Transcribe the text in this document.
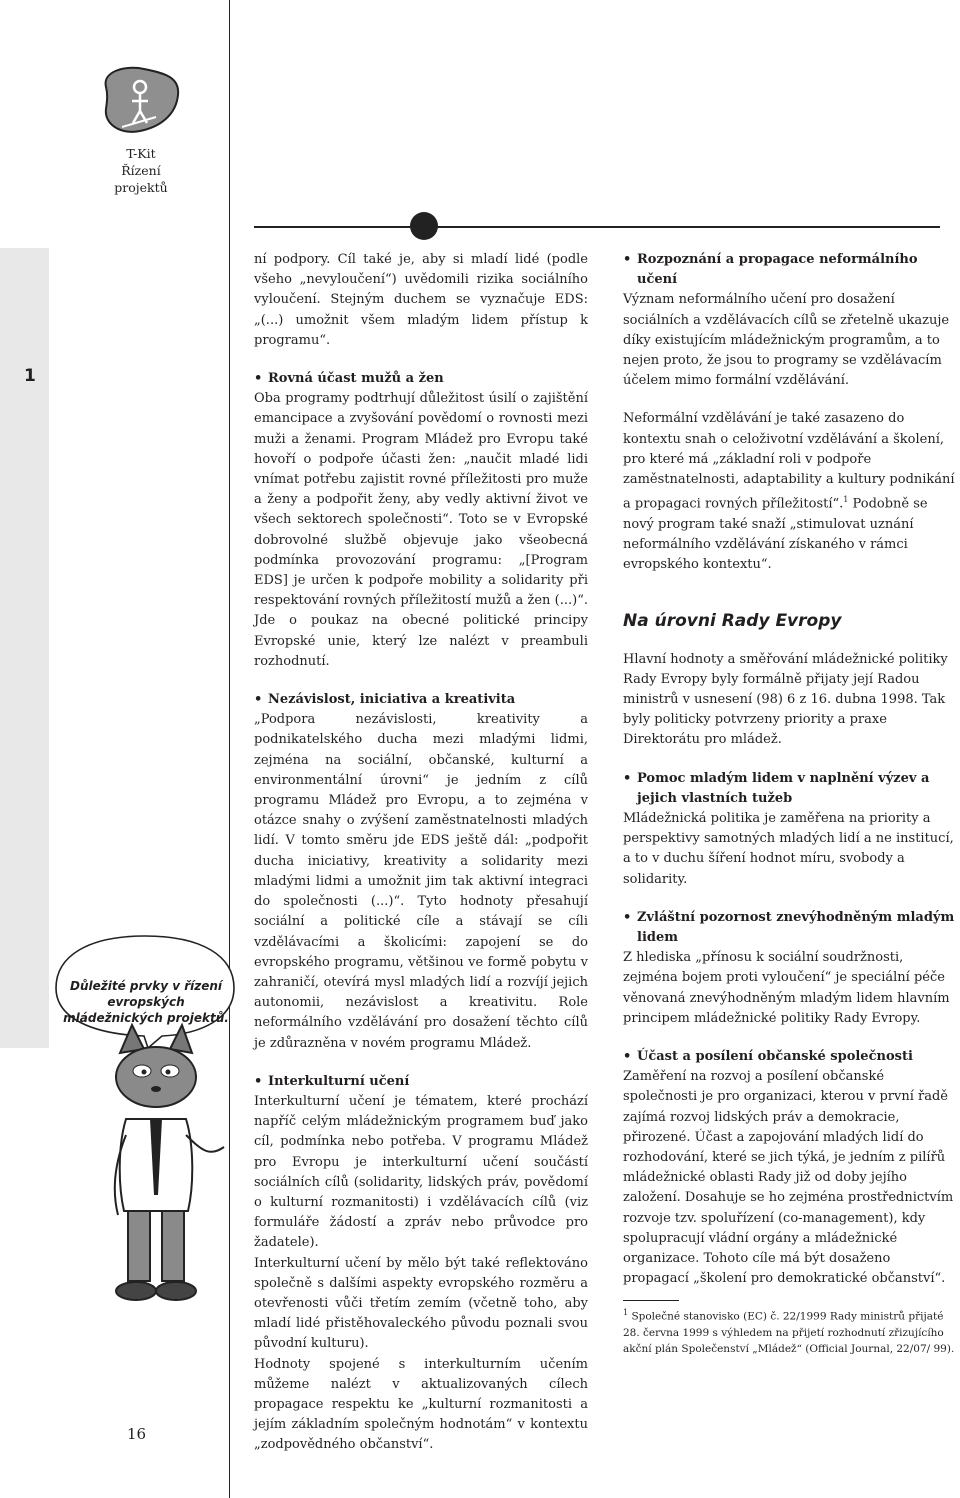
1
T-Kit
Řízení
projektů
Důležité prvky v řízení evropských mládežnických projektů.
16

ní podpory. Cíl také je, aby si mladí lidé (podle všeho „nevyloučení“) uvědomili rizika sociálního vyloučení. Stejným duchem se vyznačuje EDS: „(...) umožnit všem mladým lidem přístup k programu“.

• Rovná účast mužů a žen

Oba programy podtrhují důležitost úsilí o zajištění emancipace a zvyšování povědomí o rovnosti mezi muži a ženami. Program Mládež pro Evropu také hovoří o podpoře účasti žen: „naučit mladé lidi vnímat potřebu zajistit rovné příležitosti pro muže a ženy a podpořit ženy, aby vedly aktivní život ve všech sektorech společnosti“. Toto se v Evropské dobrovolné službě objevuje jako všeobecná podmínka provozování programu: „[Program EDS] je určen k podpoře mobility a solidarity při respektování rovných příležitostí mužů a žen (...)“. Jde o poukaz na obecné politické principy Evropské unie, který lze nalézt v preambuli rozhodnutí.

• Nezávislost, iniciativa a kreativita

„Podpora nezávislosti, kreativity a podnikatelského ducha mezi mladými lidmi, zejména na sociální, občanské, kulturní a environmentální úrovni“ je jedním z cílů programu Mládež pro Evropu, a to zejména v otázce snahy o zvýšení zaměstnatelnosti mladých lidí. V tomto směru jde EDS ještě dál: „podpořit ducha iniciativy, kreativity a solidarity mezi mladými lidmi a umožnit jim tak aktivní integraci do společnosti (...)“. Tyto hodnoty přesahují sociální a politické cíle a stávají se cíli vzdělávacími a školicími: zapojení se do evropského programu, většinou ve formě pobytu v zahraničí, otevírá mysl mladých lidí a rozvíjí jejich autonomii, nezávislost a kreativitu. Role neformálního vzdělávání pro dosažení těchto cílů je zdůrazněna v novém programu Mládež.

• Interkulturní učení

Interkulturní učení je tématem, které prochází napříč celým mládežnickým programem buď jako cíl, podmínka nebo potřeba. V programu Mládež pro Evropu je interkulturní učení součástí sociálních cílů (solidarity, lidských práv, povědomí o kulturní rozmanitosti) i vzdělávacích cílů (viz formuláře žádostí a zpráv nebo průvodce pro žadatele).

Interkulturní učení by mělo být také reflektováno společně s dalšími aspekty evropského rozměru a otevřenosti vůči třetím zemím (včetně toho, aby mladí lidé přistěhovaleckého původu poznali svou původní kulturu).

Hodnoty spojené s interkulturním učením můžeme nalézt v aktualizovaných cílech propagace respektu ke „kulturní rozmanitosti a jejím základním společným hodnotám“ v kontextu „zodpovědného občanství“.

• Rozpoznání a propagace neformálního učení

Význam neformálního učení pro dosažení sociálních a vzdělávacích cílů se zřetelně ukazuje díky existujícím mládežnickým programům, a to nejen proto, že jsou to programy se vzdělávacím účelem mimo formální vzdělávání.

Neformální vzdělávání je také zasazeno do kontextu snah o celoživotní vzdělávání a školení, pro které má „základní roli v podpoře zaměstnatelnosti, adaptability a kultury podnikání a propagaci rovných příležitostí“.$^1$ Podobně se nový program také snaží „stimulovat uznání neformálního vzdělávání získaného v rámci evropského kontextu“.

Na úrovni Rady Evropy

Hlavní hodnoty a směřování mládežnické politiky Rady Evropy byly formálně přijaty její Radou ministrů v usnesení (98) 6 z 16. dubna 1998. Tak byly politicky potvrzeny priority a praxe Direktorátu pro mládež.

• Pomoc mladým lidem v naplnění výzev a jejich vlastních tužeb

Mládežnická politika je zaměřena na priority a perspektivy samotných mladých lidí a ne institucí, a to v duchu šíření hodnot míru, svobody a solidarity.

• Zvláštní pozornost znevýhodněným mladým lidem

Z hlediska „přínosu k sociální soudržnosti, zejména bojem proti vyloučení“ je speciální péče věnovaná znevýhodněným mladým lidem hlavním principem mládežnické politiky Rady Evropy.

• Účast a posílení občanské společnosti

Zaměření na rozvoj a posílení občanské společnosti je pro organizaci, kterou v první řadě zajímá rozvoj lidských práv a demokracie, přirozené. Účast a zapojování mladých lidí do rozhodování, které se jich týká, je jedním z pilířů mládežnické oblasti Rady již od doby jejího založení. Dosahuje se ho zejména prostřednictvím rozvoje tzv. spoluřízení (co-management), kdy spolupracují vládní orgány a mládežnické organizace. Tohoto cíle má být dosaženo propagací „školení pro demokratické občanství“.

$^1$ Společné stanovisko (EC) č. 22/1999 Rady ministrů přijaté 28. června 1999 s výhledem na přijetí rozhodnutí zřizujícího akční plán Společenství „Mládež“ (Official Journal, 22/07/ 99).
